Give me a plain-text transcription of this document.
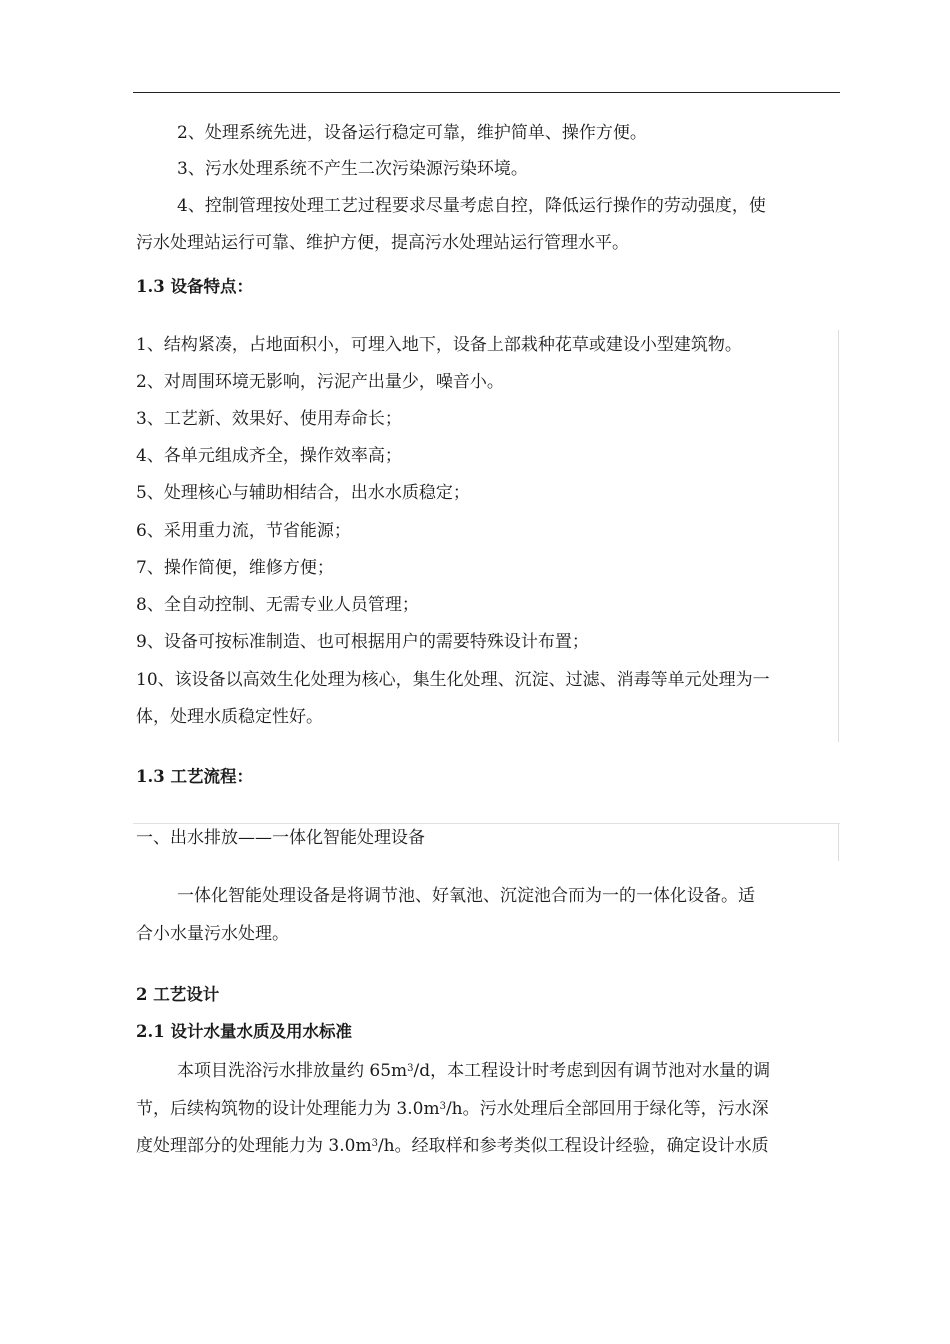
2、处理系统先进，设备运行稳定可靠，维护简单、操作方便。
3、污水处理系统不产生二次污染源污染环境。
4、控制管理按处理工艺过程要求尽量考虑自控，降低运行操作的劳动强度，使
污水处理站运行可靠、维护方便，提高污水处理站运行管理水平。
1.3 设备特点：
1、结构紧凑，占地面积小，可埋入地下，设备上部栽种花草或建设小型建筑物。
2、对周围环境无影响，污泥产出量少，噪音小。
3、工艺新、效果好、使用寿命长；
4、各单元组成齐全，操作效率高；
5、处理核心与辅助相结合，出水水质稳定；
6、采用重力流，节省能源；
7、操作简便，维修方便；
8、全自动控制、无需专业人员管理；
9、设备可按标准制造、也可根据用户的需要特殊设计布置；
10、该设备以高效生化处理为核心，集生化处理、沉淀、过滤、消毒等单元处理为一
体，处理水质稳定性好。
1.3 工艺流程：
一、出水排放——一体化智能处理设备
一体化智能处理设备是将调节池、好氧池、沉淀池合而为一的一体化设备。适
合小水量污水处理。
2 工艺设计
2.1 设计水量水质及用水标准
本项目洗浴污水排放量约 $65m^3/d$，本工程设计时考虑到因有调节池对水量的调
节，后续构筑物的设计处理能力为 $3.0m^3/h$。污水处理后全部回用于绿化等，污水深
度处理部分的处理能力为 $3.0m^3/h$。经取样和参考类似工程设计经验，确定设计水质
